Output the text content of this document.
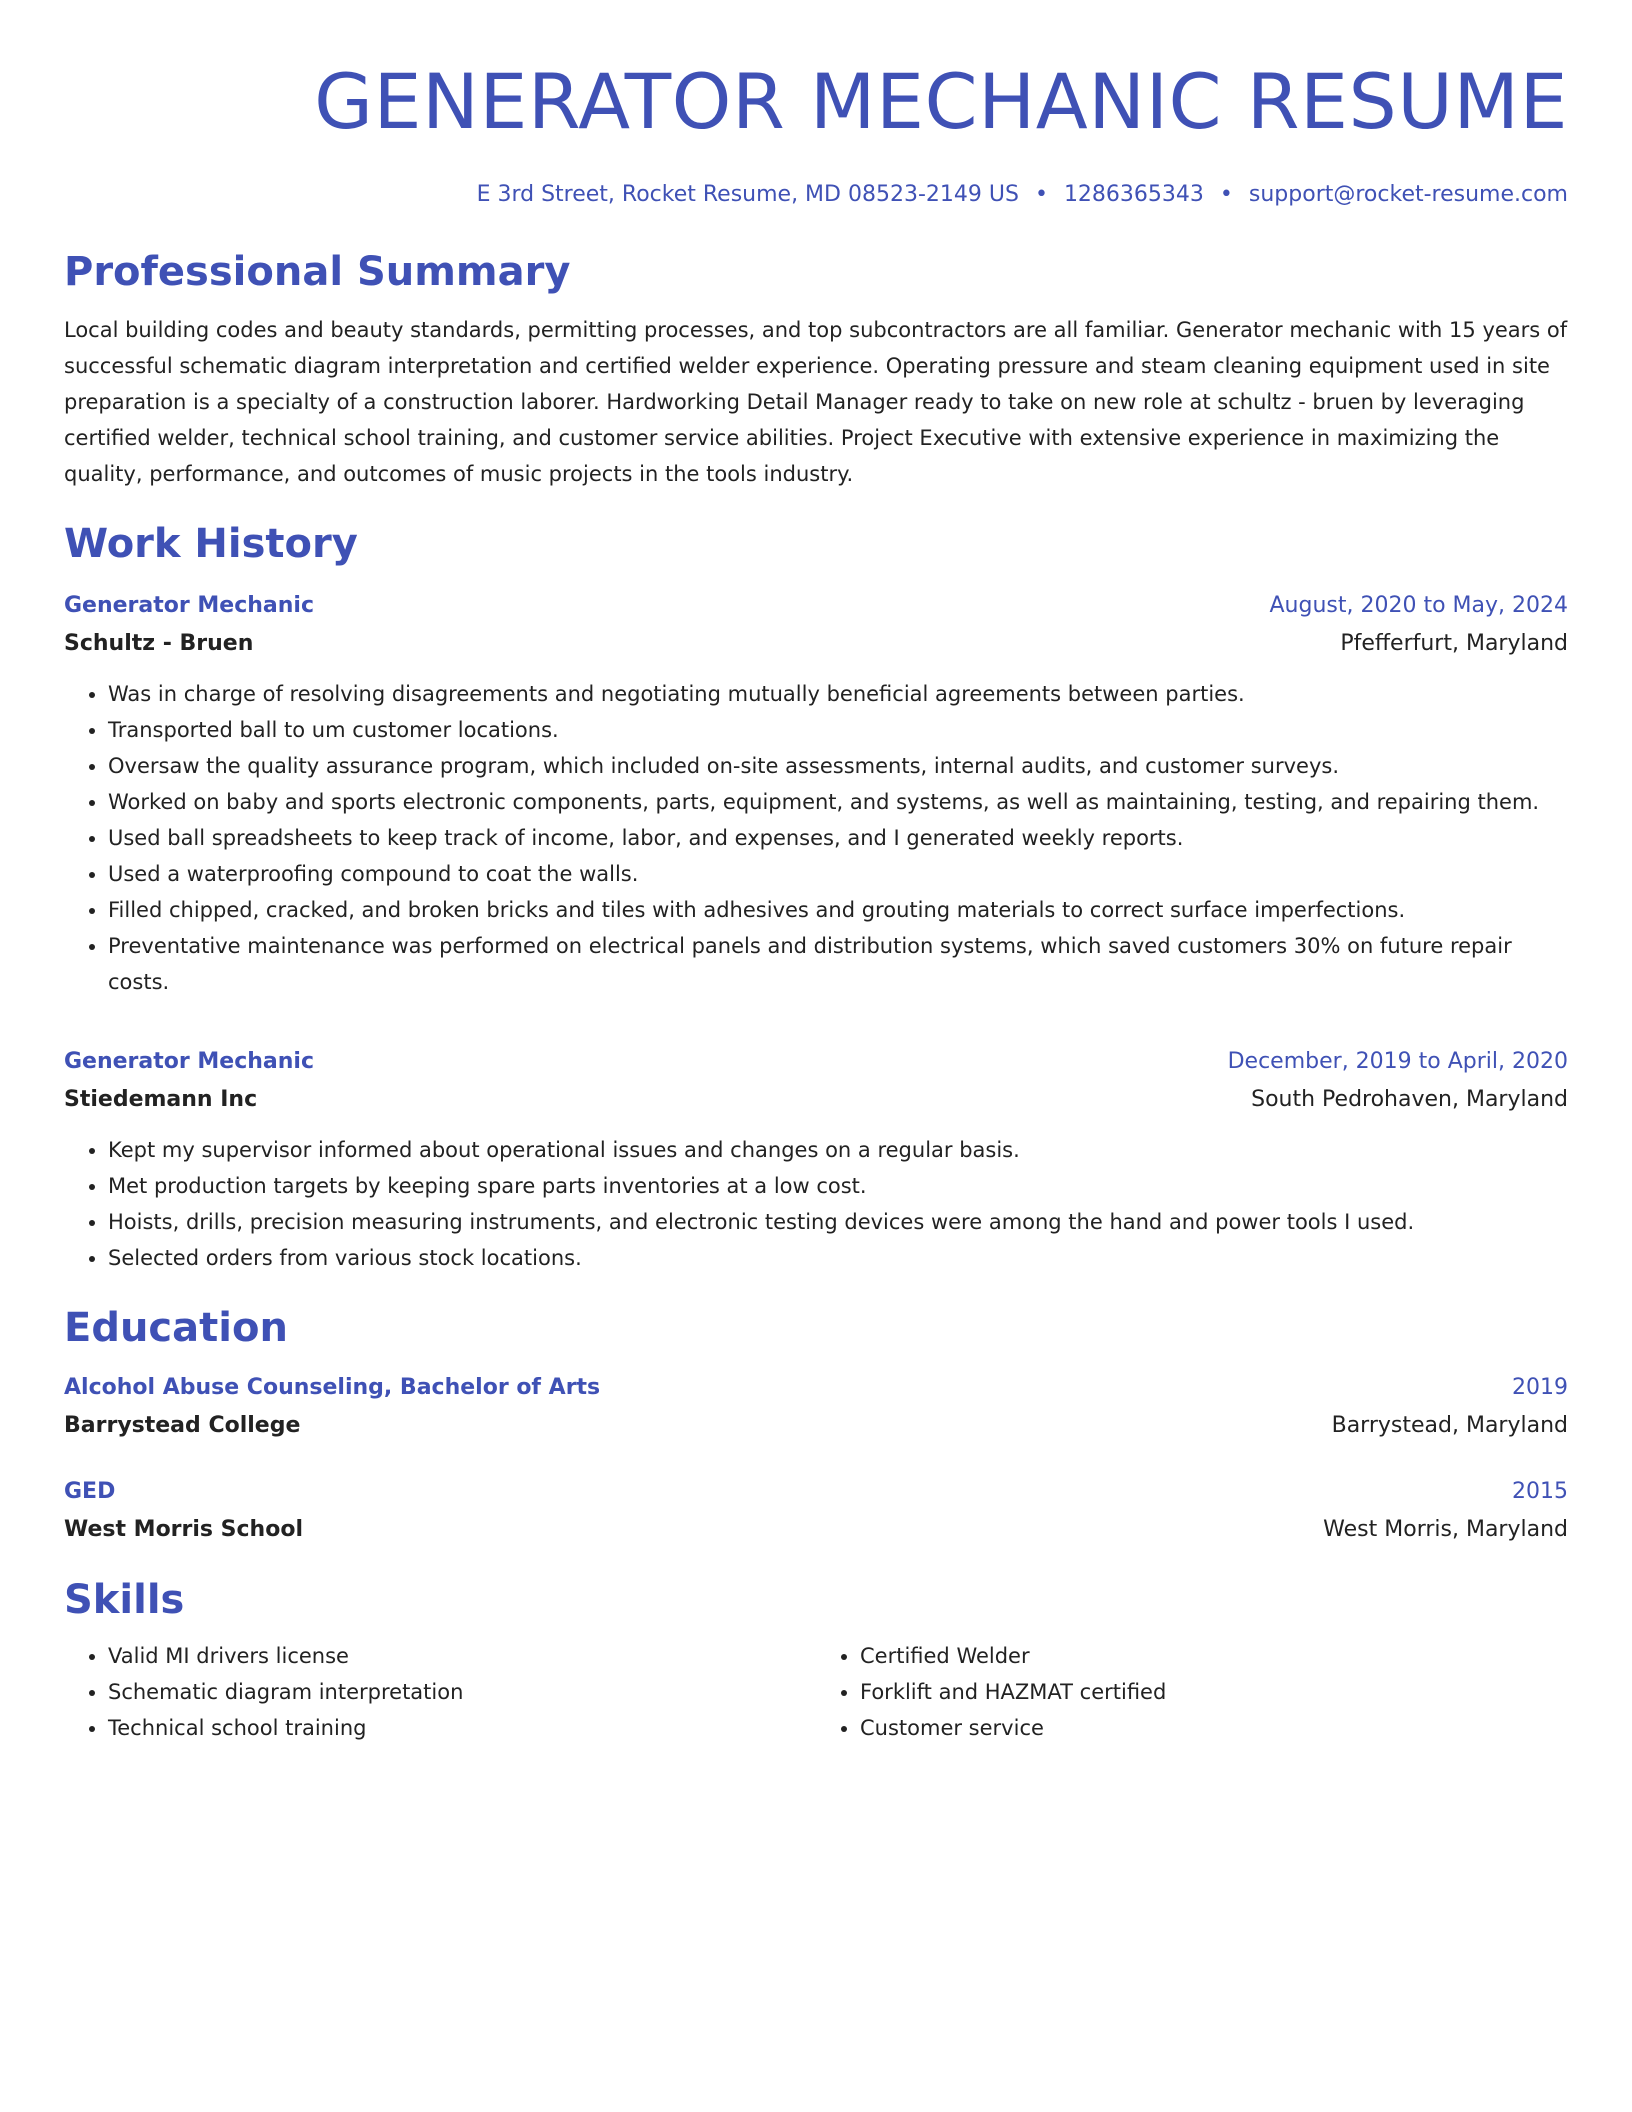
GENERATOR MECHANIC RESUME
E 3rd Street, Rocket Resume, MD 08523-2149 US • 1286365343 • support@rocket-resume.com
Professional Summary
Local building codes and beauty standards, permitting processes, and top subcontractors are all familiar. Generator mechanic with 15 years of successful schematic diagram interpretation and certified welder experience. Operating pressure and steam cleaning equipment used in site preparation is a specialty of a construction laborer. Hardworking Detail Manager ready to take on new role at schultz - bruen by leveraging certified welder, technical school training, and customer service abilities. Project Executive with extensive experience in maximizing the quality, performance, and outcomes of music projects in the tools industry.
Work History
Generator Mechanic	August, 2020 to May, 2024
Schultz - Bruen	Pfefferfurt, Maryland
• Was in charge of resolving disagreements and negotiating mutually beneficial agreements between parties.
• Transported ball to um customer locations.
• Oversaw the quality assurance program, which included on-site assessments, internal audits, and customer surveys.
• Worked on baby and sports electronic components, parts, equipment, and systems, as well as maintaining, testing, and repairing them.
• Used ball spreadsheets to keep track of income, labor, and expenses, and I generated weekly reports.
• Used a waterproofing compound to coat the walls.
• Filled chipped, cracked, and broken bricks and tiles with adhesives and grouting materials to correct surface imperfections.
• Preventative maintenance was performed on electrical panels and distribution systems, which saved customers 30% on future repair costs.
Generator Mechanic	December, 2019 to April, 2020
Stiedemann Inc	South Pedrohaven, Maryland
• Kept my supervisor informed about operational issues and changes on a regular basis.
• Met production targets by keeping spare parts inventories at a low cost.
• Hoists, drills, precision measuring instruments, and electronic testing devices were among the hand and power tools I used.
• Selected orders from various stock locations.
Education
Alcohol Abuse Counseling, Bachelor of Arts	2019
Barrystead College	Barrystead, Maryland
GED	2015
West Morris School	West Morris, Maryland
Skills
• Valid MI drivers license
• Schematic diagram interpretation
• Technical school training
• Certified Welder
• Forklift and HAZMAT certified
• Customer service
